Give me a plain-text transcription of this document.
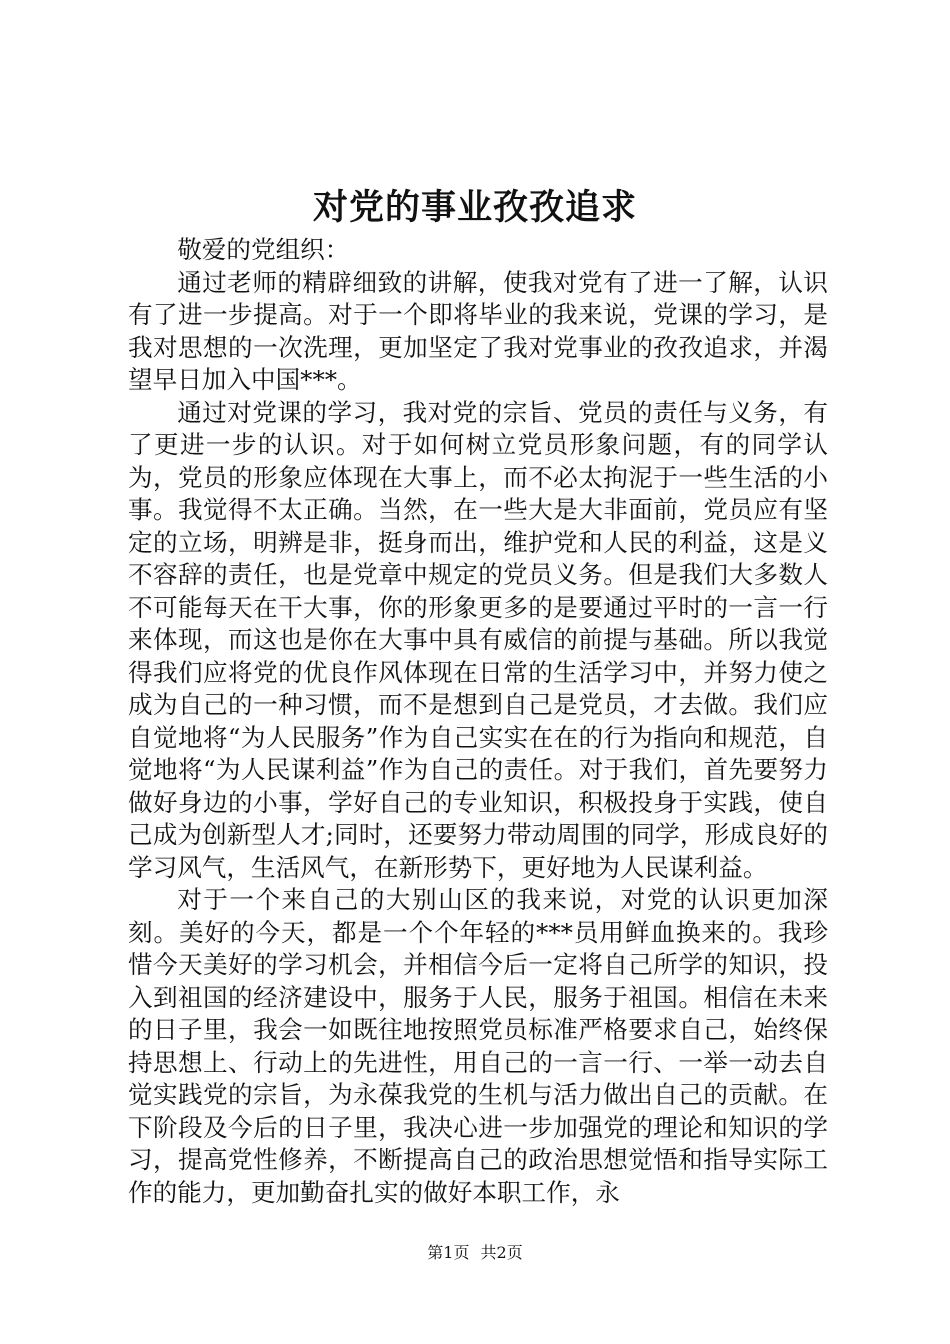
对党的事业孜孜追求

敬爱的党组织：

通过老师的精辟细致的讲解，使我对党有了进一了解，认识有了进一步提高。对于一个即将毕业的我来说，党课的学习，是我对思想的一次洗理，更加坚定了我对党事业的孜孜追求，并渴望早日加入中国***。

通过对党课的学习，我对党的宗旨、党员的责任与义务，有了更进一步的认识。对于如何树立党员形象问题，有的同学认为，党员的形象应体现在大事上，而不必太拘泥于一些生活的小事。我觉得不太正确。当然，在一些大是大非面前，党员应有坚定的立场，明辨是非，挺身而出，维护党和人民的利益，这是义不容辞的责任，也是党章中规定的党员义务。但是我们大多数人不可能每天在干大事，你的形象更多的是要通过平时的一言一行来体现，而这也是你在大事中具有威信的前提与基础。所以我觉得我们应将党的优良作风体现在日常的生活学习中，并努力使之成为自己的一种习惯，而不是想到自己是党员，才去做。我们应自觉地将“为人民服务”作为自己实实在在的行为指向和规范，自觉地将“为人民谋利益”作为自己的责任。对于我们，首先要努力做好身边的小事，学好自己的专业知识，积极投身于实践，使自己成为创新型人才;同时，还要努力带动周围的同学，形成良好的学习风气，生活风气，在新形势下，更好地为人民谋利益。

对于一个来自己的大别山区的我来说，对党的认识更加深刻。美好的今天，都是一个个年轻的***员用鲜血换来的。我珍惜今天美好的学习机会，并相信今后一定将自己所学的知识，投入到祖国的经济建设中，服务于人民，服务于祖国。相信在未来的日子里，我会一如既往地按照党员标准严格要求自己，始终保持思想上、行动上的先进性，用自己的一言一行、一举一动去自觉实践党的宗旨，为永葆我党的生机与活力做出自己的贡献。在下阶段及今后的日子里，我决心进一步加强党的理论和知识的学习，提高党性修养，不断提高自己的政治思想觉悟和指导实际工作的能力，更加勤奋扎实的做好本职工作，永

第1页 共2页
